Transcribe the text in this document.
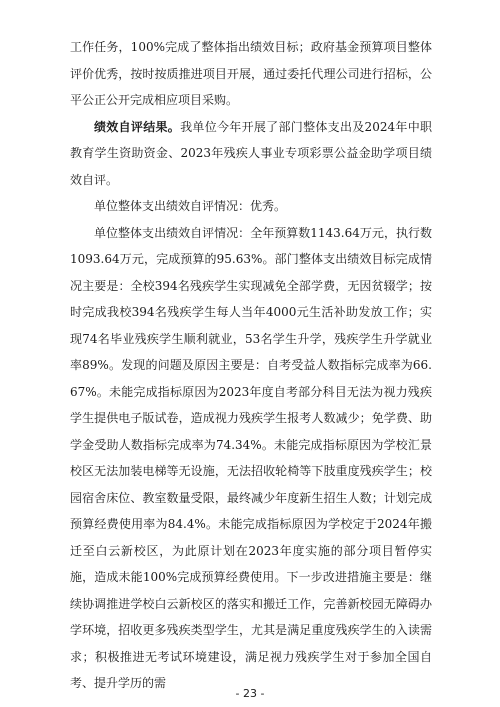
工作任务，100%完成了整体指出绩效目标；政府基金预算项目整体评价优秀，按时按质推进项目开展，通过委托代理公司进行招标，公平公正公开完成相应项目采购。

绩效自评结果。我单位今年开展了部门整体支出及2024年中职教育学生资助资金、2023年残疾人事业专项彩票公益金助学项目绩效自评。

单位整体支出绩效自评情况：优秀。

单位整体支出绩效自评情况：全年预算数1143.64万元，执行数1093.64万元，完成预算的95.63%。部门整体支出绩效目标完成情况主要是：全校394名残疾学生实现减免全部学费，无因贫辍学；按时完成我校394名残疾学生每人当年4000元生活补助发放工作；实现74名毕业残疾学生顺利就业，53名学生升学，残疾学生升学就业率89%。发现的问题及原因主要是：自考受益人数指标完成率为66.67%。未能完成指标原因为2023年度自考部分科目无法为视力残疾学生提供电子版试卷，造成视力残疾学生报考人数减少；免学费、助学金受助人数指标完成率为74.34%。未能完成指标原因为学校汇景校区无法加装电梯等无设施，无法招收轮椅等下肢重度残疾学生；校园宿舍床位、教室数量受限，最终减少年度新生招生人数；计划完成预算经费使用率为84.4%。未能完成指标原因为学校定于2024年搬迁至白云新校区，为此原计划在2023年度实施的部分项目暂停实施，造成未能100%完成预算经费使用。下一步改进措施主要是：继续协调推进学校白云新校区的落实和搬迁工作，完善新校园无障碍办学环境，招收更多残疾类型学生，尤其是满足重度残疾学生的入读需求；积极推进无考试环境建设，满足视力残疾学生对于参加全国自考、提升学历的需

- 23 -
